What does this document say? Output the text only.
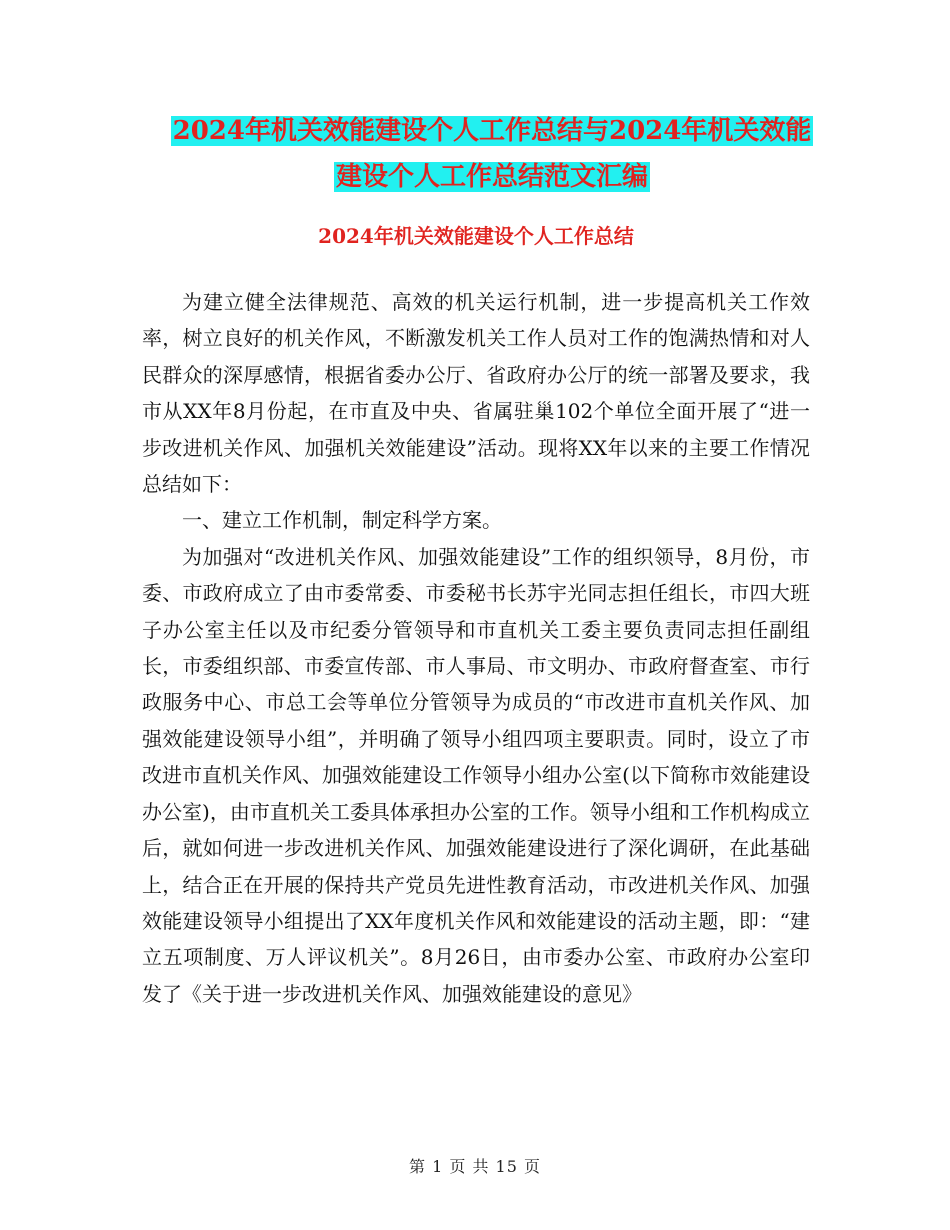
2024年机关效能建设个人工作总结与2024年机关效能
建设个人工作总结范文汇编
2024年机关效能建设个人工作总结

为建立健全法律规范、高效的机关运行机制，进一步提高机关工作效率，树立良好的机关作风，不断激发机关工作人员对工作的饱满热情和对人民群众的深厚感情，根据省委办公厅、省政府办公厅的统一部署及要求，我市从XX年8月份起，在市直及中央、省属驻巢102个单位全面开展了“进一步改进机关作风、加强机关效能建设”活动。现将XX年以来的主要工作情况总结如下：

一、建立工作机制，制定科学方案。

为加强对“改进机关作风、加强效能建设”工作的组织领导，8月份，市委、市政府成立了由市委常委、市委秘书长苏宇光同志担任组长，市四大班子办公室主任以及市纪委分管领导和市直机关工委主要负责同志担任副组长，市委组织部、市委宣传部、市人事局、市文明办、市政府督查室、市行政服务中心、市总工会等单位分管领导为成员的“市改进市直机关作风、加强效能建设领导小组”，并明确了领导小组四项主要职责。同时，设立了市改进市直机关作风、加强效能建设工作领导小组办公室(以下简称市效能建设办公室)，由市直机关工委具体承担办公室的工作。领导小组和工作机构成立后，就如何进一步改进机关作风、加强效能建设进行了深化调研，在此基础上，结合正在开展的保持共产党员先进性教育活动，市改进机关作风、加强效能建设领导小组提出了XX年度机关作风和效能建设的活动主题，即：“建立五项制度、万人评议机关”。8月26日，由市委办公室、市政府办公室印发了《关于进一步改进机关作风、加强效能建设的意见》

第 1 页 共 15 页
